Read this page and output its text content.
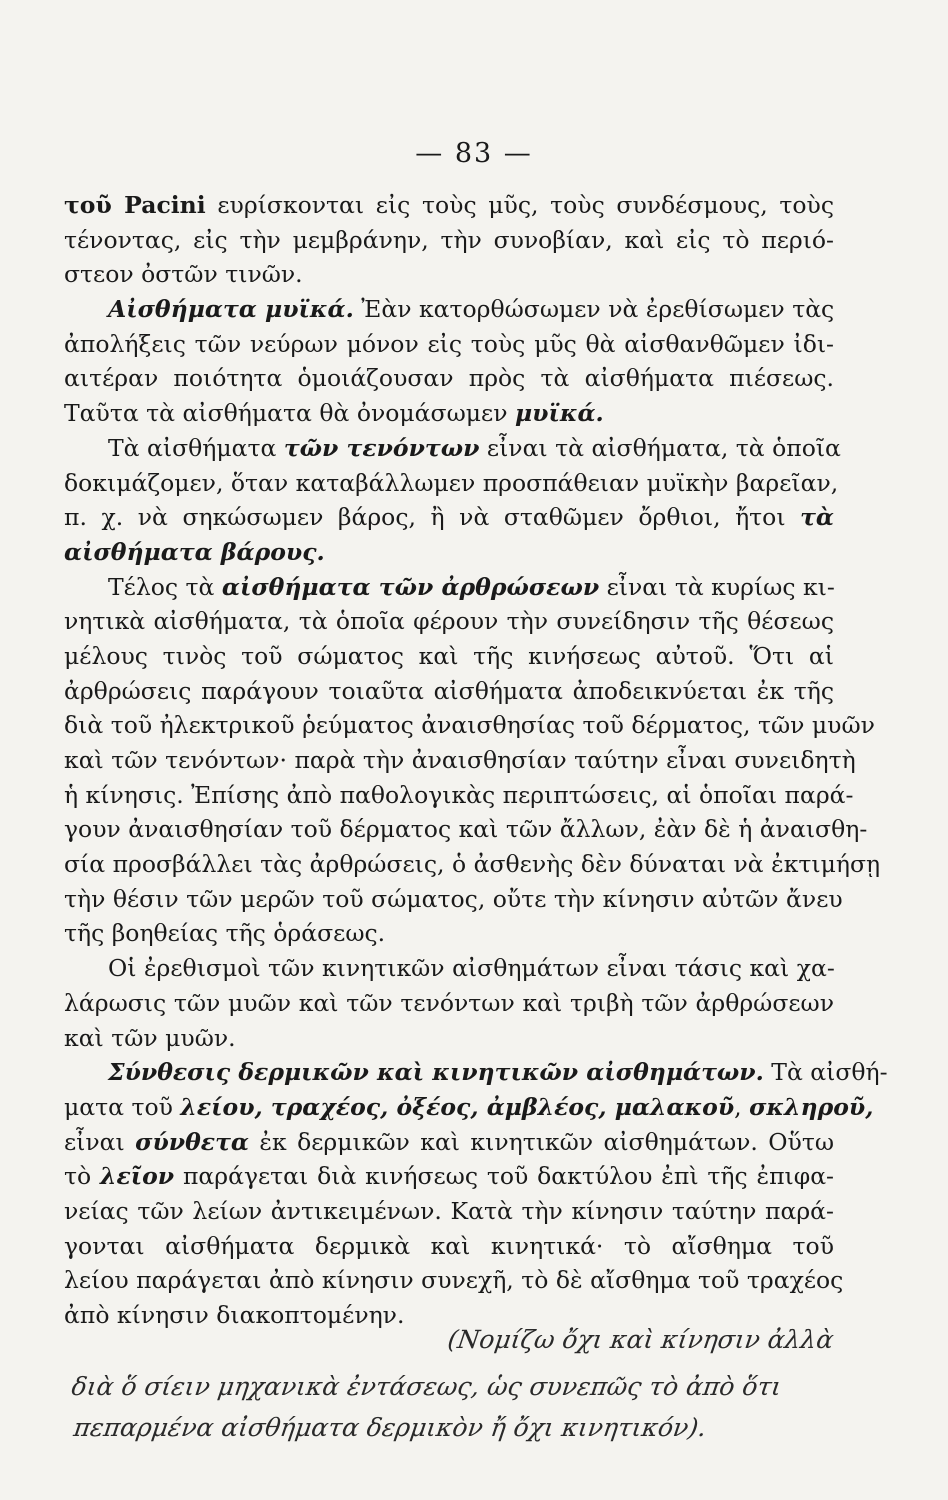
— 83 —
τοῦ Pacini ευρίσκονται εἰς τοὺς μῦς, τοὺς συνδέσμους, τοὺς
τένοντας, εἰς τὴν μεμβράνην, τὴν συνοβίαν, καὶ εἰς τὸ περιό-
στεον ὀστῶν τινῶν.
Αἰσθήματα μυϊκά. Ἐὰν κατορθώσωμεν νὰ ἐρεθίσωμεν τὰς
ἀπολήξεις τῶν νεύρων μόνον εἰς τοὺς μῦς θὰ αἰσθανθῶμεν ἰδι-
αιτέραν ποιότητα ὁμοιάζουσαν πρὸς τὰ αἰσθήματα πιέσεως.
Ταῦτα τὰ αἰσθήματα θὰ ὀνομάσωμεν μυϊκά.
Τὰ αἰσθήματα τῶν τενόντων εἶναι τὰ αἰσθήματα, τὰ ὁποῖα
δοκιμάζομεν, ὅταν καταβάλλωμεν προσπάθειαν μυϊκὴν βαρεῖαν,
π. χ. νὰ σηκώσωμεν βάρος, ἢ νὰ σταθῶμεν ὄρθιοι, ἤτοι τὰ
αἰσθήματα βάρους.
Τέλος τὰ αἰσθήματα τῶν ἀρθρώσεων εἶναι τὰ κυρίως κι-
νητικὰ αἰσθήματα, τὰ ὁποῖα φέρουν τὴν συνείδησιν τῆς θέσεως
μέλους τινὸς τοῦ σώματος καὶ τῆς κινήσεως αὐτοῦ. Ὅτι αἱ
ἀρθρώσεις παράγουν τοιαῦτα αἰσθήματα ἀποδεικνύεται ἐκ τῆς
διὰ τοῦ ἠλεκτρικοῦ ῥεύματος ἀναισθησίας τοῦ δέρματος, τῶν μυῶν
καὶ τῶν τενόντων· παρὰ τὴν ἀναισθησίαν ταύτην εἶναι συνειδητὴ
ἡ κίνησις. Ἐπίσης ἀπὸ παθολογικὰς περιπτώσεις, αἱ ὁποῖαι παρά-
γουν ἀναισθησίαν τοῦ δέρματος καὶ τῶν ἄλλων, ἐὰν δὲ ἡ ἀναισθη-
σία προσβάλλει τὰς ἀρθρώσεις, ὁ ἀσθενὴς δὲν δύναται νὰ ἐκτιμήσῃ
τὴν θέσιν τῶν μερῶν τοῦ σώματος, οὔτε τὴν κίνησιν αὐτῶν ἄνευ
τῆς βοηθείας τῆς ὁράσεως.
Οἱ ἐρεθισμοὶ τῶν κινητικῶν αἰσθημάτων εἶναι τάσις καὶ χα-
λάρωσις τῶν μυῶν καὶ τῶν τενόντων καὶ τριβὴ τῶν ἀρθρώσεων
καὶ τῶν μυῶν.
Σύνθεσις δερμικῶν καὶ κινητικῶν αἰσθημάτων. Τὰ αἰσθή-
ματα τοῦ λείου, τραχέος, ὀξέος, ἀμβλέος, μαλακοῦ, σκληροῦ,
εἶναι σύνθετα ἐκ δερμικῶν καὶ κινητικῶν αἰσθημάτων. Οὕτω
τὸ λεῖον παράγεται διὰ κινήσεως τοῦ δακτύλου ἐπὶ τῆς ἐπιφα-
νείας τῶν λείων ἀντικειμένων. Κατὰ τὴν κίνησιν ταύτην παρά-
γονται αἰσθήματα δερμικὰ καὶ κινητικά· τὸ αἴσθημα τοῦ
λείου παράγεται ἀπὸ κίνησιν συνεχῆ, τὸ δὲ αἴσθημα τοῦ τραχέος
ἀπὸ κίνησιν διακοπτομένην.
(Νομίζω ὄχι καὶ κίνησιν ἀλλὰ
διὰ ὅ σίειν μηχανικὰ ἐντάσεως, ὡς συνεπῶς τὸ ἀπὸ ὅτι
πεπαρμένα αἰσθήματα δερμικὸν ἤ ὄχι κινητικόν).
